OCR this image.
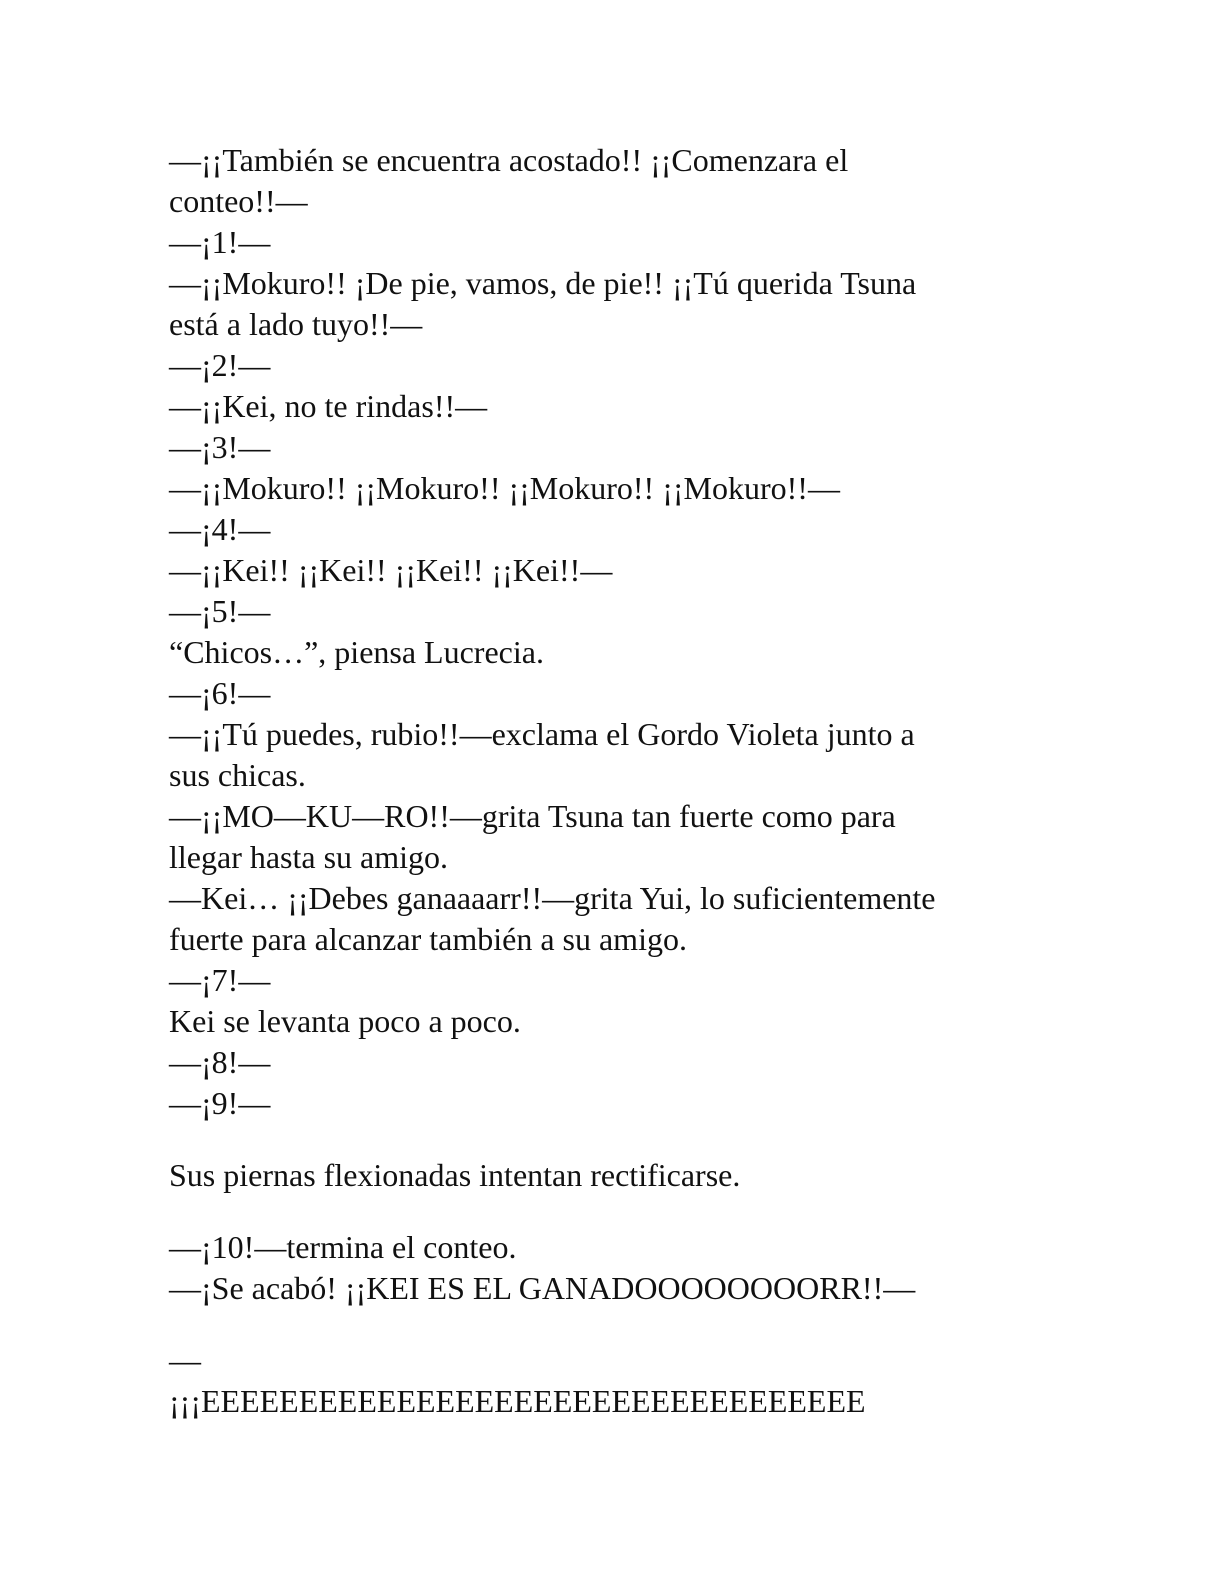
—¡¡También se encuentra acostado!! ¡¡Comenzara el
conteo!!—
—¡1!—
—¡¡Mokuro!! ¡De pie, vamos, de pie!! ¡¡Tú querida Tsuna
está a lado tuyo!!—
—¡2!—
—¡¡Kei, no te rindas!!—
—¡3!—
—¡¡Mokuro!! ¡¡Mokuro!! ¡¡Mokuro!! ¡¡Mokuro!!—
—¡4!—
—¡¡Kei!! ¡¡Kei!! ¡¡Kei!! ¡¡Kei!!—
—¡5!—
“Chicos…”, piensa Lucrecia.
—¡6!—
—¡¡Tú puedes, rubio!!—exclama el Gordo Violeta junto a
sus chicas.
—¡¡MO—KU—RO!!—grita Tsuna tan fuerte como para
llegar hasta su amigo.
—Kei… ¡¡Debes ganaaaarr!!—grita Yui, lo suficientemente
fuerte para alcanzar también a su amigo.
—¡7!—
Kei se levanta poco a poco.
—¡8!—
—¡9!—
Sus piernas flexionadas intentan rectificarse.
—¡10!—termina el conteo.
—¡Se acabó! ¡¡KEI ES EL GANADOOOOOOOORR!!—
—
¡¡¡EEEEEEEEEEEEEEEEEEEEEEEEEEEEEEEEEE
